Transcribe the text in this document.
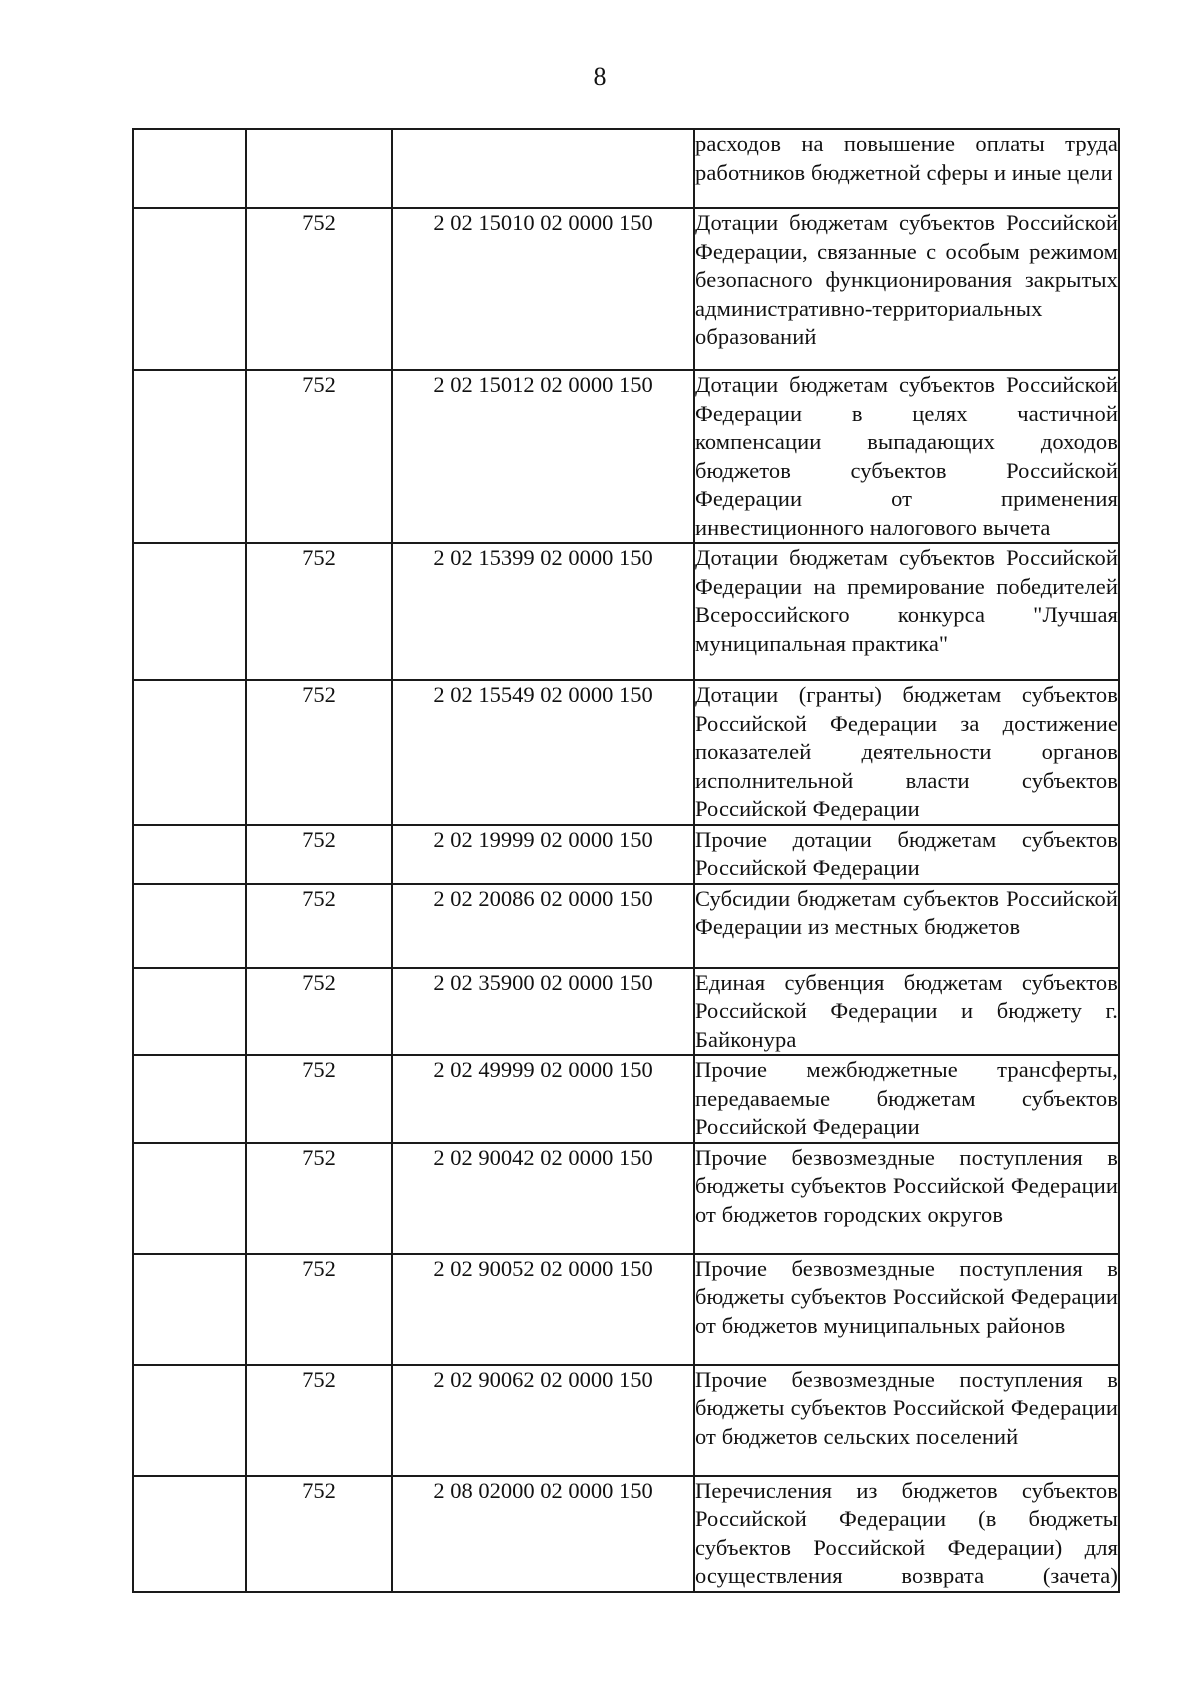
8
			расходов на повышение оплаты труда работников бюджетной сферы и иные цели
	752	2 02 15010 02 0000 150	Дотации бюджетам субъектов Российской Федерации, связанные с особым режимом безопасного функционирования закрытых административно-территориальных образований
	752	2 02 15012 02 0000 150	Дотации бюджетам субъектов Российской Федерации в целях частичной компенсации выпадающих доходов бюджетов субъектов Российской Федерации от применения инвестиционного налогового вычета
	752	2 02 15399 02 0000 150	Дотации бюджетам субъектов Российской Федерации на премирование победителей Всероссийского конкурса "Лучшая муниципальная практика"
	752	2 02 15549 02 0000 150	Дотации (гранты) бюджетам субъектов Российской Федерации за достижение показателей деятельности органов исполнительной власти субъектов Российской Федерации
	752	2 02 19999 02 0000 150	Прочие дотации бюджетам субъектов Российской Федерации
	752	2 02 20086 02 0000 150	Субсидии бюджетам субъектов Российской Федерации из местных бюджетов
	752	2 02 35900 02 0000 150	Единая субвенция бюджетам субъектов Российской Федерации и бюджету г. Байконура
	752	2 02 49999 02 0000 150	Прочие межбюджетные трансферты, передаваемые бюджетам субъектов Российской Федерации
	752	2 02 90042 02 0000 150	Прочие безвозмездные поступления в бюджеты субъектов Российской Федерации от бюджетов городских округов
	752	2 02 90052 02 0000 150	Прочие безвозмездные поступления в бюджеты субъектов Российской Федерации от бюджетов муниципальных районов
	752	2 02 90062 02 0000 150	Прочие безвозмездные поступления в бюджеты субъектов Российской Федерации от бюджетов сельских поселений
	752	2 08 02000 02 0000 150	Перечисления из бюджетов субъектов Российской Федерации (в бюджеты субъектов Российской Федерации) для осуществления возврата (зачета)
